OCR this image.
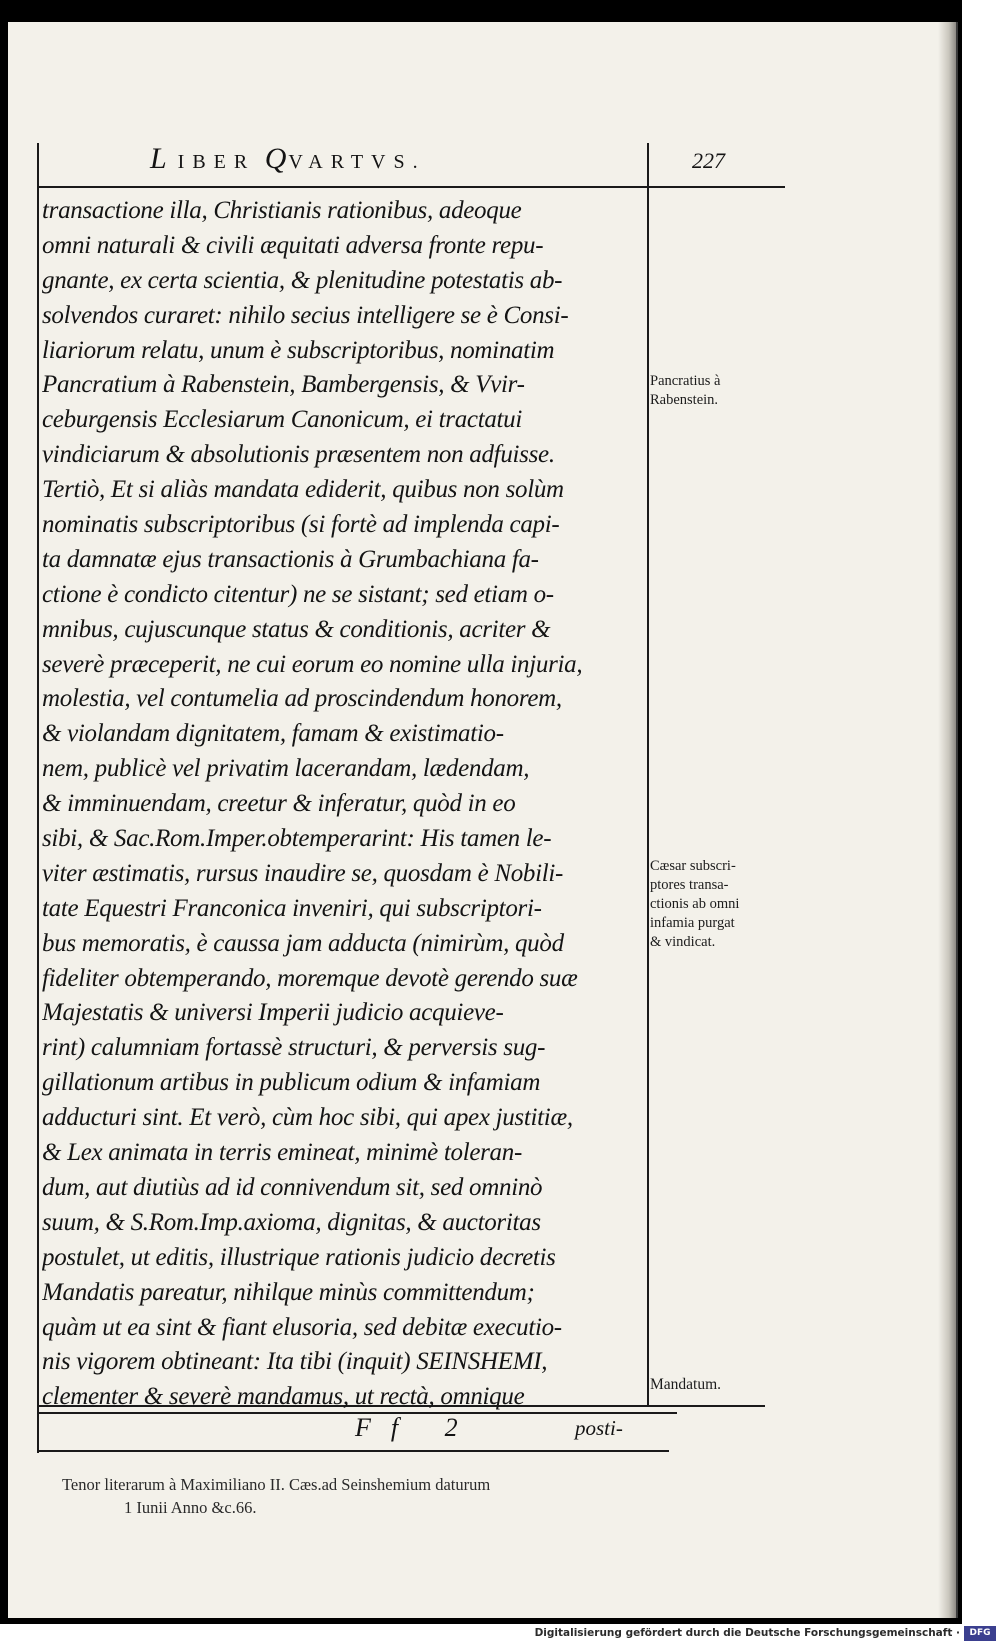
L IBER QVARTVS.	227
transactione illa, Christianis rationibus, adeoque
omni naturali & civili æquitati adversa fronte repu-
gnante, ex certa scientia, & plenitudine potestatis ab-
solvendos curaret: nihilo secius intelligere se è Consi-
liariorum relatu, unum è subscriptoribus, nominatim
Pancratium à Rabenstein, Bambergensis, & Vvir-
ceburgensis Ecclesiarum Canonicum, ei tractatui
vindiciarum & absolutionis præsentem non adfuisse.
Tertiò, Et si aliàs mandata ediderit, quibus non solùm
nominatis subscriptoribus (si fortè ad implenda capi-
ta damnatæ ejus transactionis à Grumbachiana fa-
ctione è condicto citentur) ne se sistant; sed etiam o-
mnibus, cujuscunque status & conditionis, acriter &
severè præceperit, ne cui eorum eo nomine ulla injuria,
molestia, vel contumelia ad proscindendum honorem,
& violandam dignitatem, famam & existimatio-
nem, publicè vel privatim lacerandam, lædendam,
& imminuendam, creetur & inferatur, quòd in eo
sibi, & Sac.Rom.Imper.obtemperarint: His tamen le-
viter æstimatis, rursus inaudire se, quosdam è Nobili-
tate Equestri Franconica inveniri, qui subscriptori-
bus memoratis, è caussa jam adducta (nimirùm, quòd
fideliter obtemperando, moremque devotè gerendo suæ
Majestatis & universi Imperii judicio acquieve-
rint) calumniam fortassè structuri, & perversis sug-
gillationum artibus in publicum odium & infamiam
adducturi sint. Et verò, cùm hoc sibi, qui apex justitiæ,
& Lex animata in terris emineat, minimè toleran-
dum, aut diutiùs ad id connivendum sit, sed omninò
suum, & S.Rom.Imp.axioma, dignitas, & auctoritas
postulet, ut editis, illustrique rationis judicio decretis
Mandatis pareatur, nihilque minùs committendum;
quàm ut ea sint & fiant elusoria, sed debitæ executio-
nis vigorem obtineant: Ita tibi (inquit) SEINSHEMI,
clementer & severè mandamus, ut rectà, omnique
Pancratius à
Rabenstein.
Cæsar subscri-
ptores transa-
ctionis ab omni
infamia purgat
& vindicat.
Mandatum.
Ff 2	posti-

Tenor literarum à Maximiliano II. Cæs.ad Seinshemium daturum

1 Iunii Anno &c.66.

Digitalisierung gefördert durch die Deutsche Forschungsgemeinschaft ·	DFG
